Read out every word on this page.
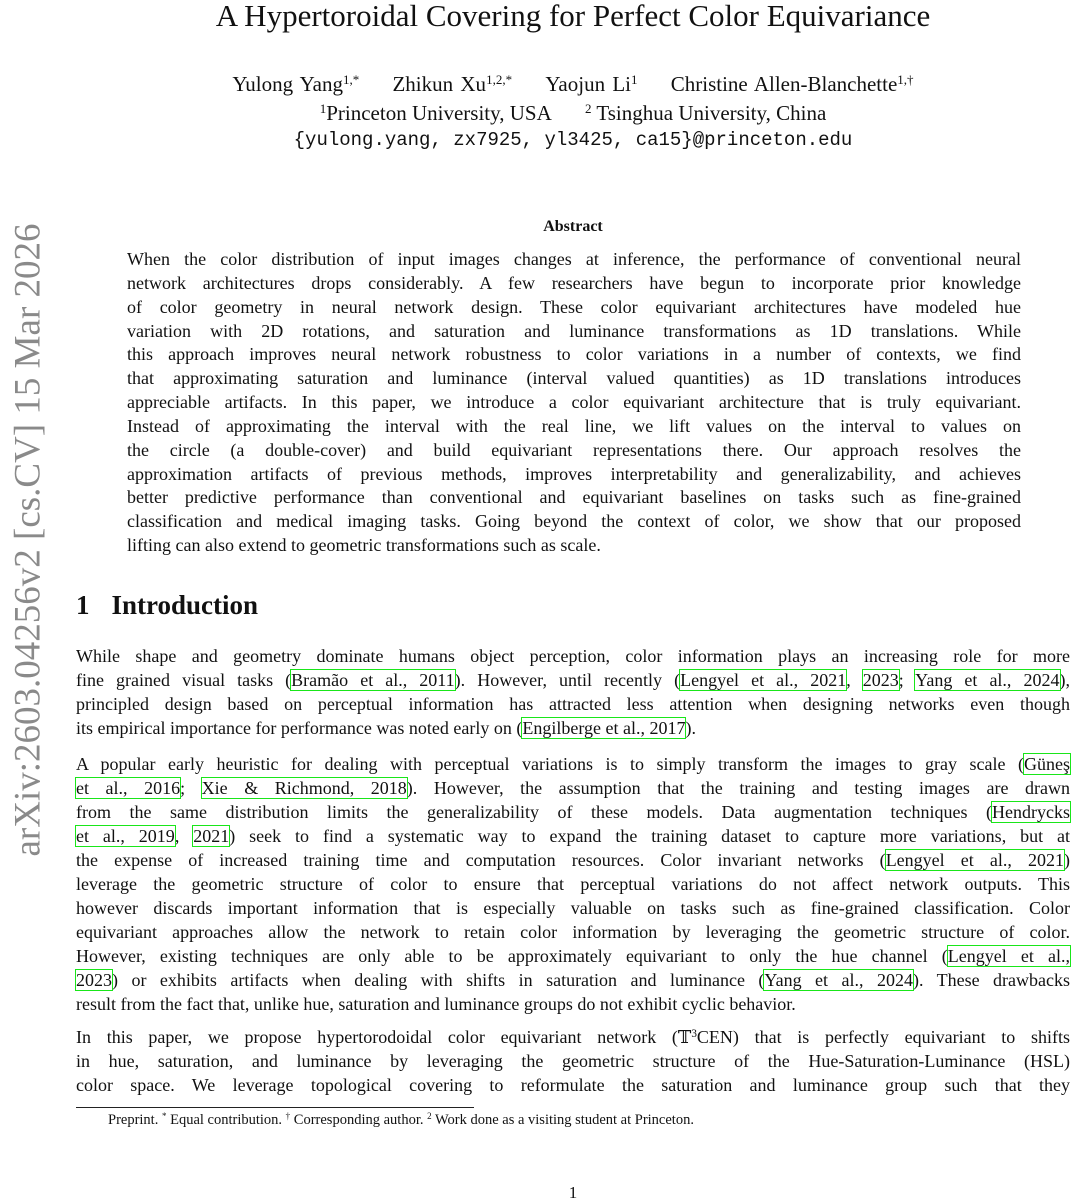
A Hypertoroidal Covering for Perfect Color Equivariance
Yulong Yang$^{1,*}$ Zhikun $Xu^{1,2,*}$ Yaojun Li$^1$ Christine Allen-Blanchette$^{1,\dagger}$
$^1$Princeton University, USA	$^2$ Tsinghua University, China
{yulong.yang, zx7925, yl3425, ca15}@princeton.edu
arXiv:2603.04256v2 [cs.CV] 15 Mar 2026	Abstract
When the color distribution of input images changes at inference, the performance of conventional neural
network architectures drops considerably. A few researchers have begun to incorporate prior knowledge
of color geometry in neural network design. These color equivariant architectures have modeled hue
variation with 2D rotations, and saturation and luminance transformations as 1D translations. While
this approach improves neural network robustness to color variations in a number of contexts, we find
that approximating saturation and luminance (interval valued quantities) as 1D translations introduces
appreciable artifacts. In this paper, we introduce a color equivariant architecture that is truly equivariant.
Instead of approximating the interval with the real line, we lift values on the interval to values on
the circle (a double-cover) and build equivariant representations there. Our approach resolves the
approximation artifacts of previous methods, improves interpretability and generalizability, and achieves
better predictive performance than conventional and equivariant baselines on tasks such as fine-grained
classification and medical imaging tasks. Going beyond the context of color, we show that our proposed
lifting can also extend to geometric transformations such as scale.
1 Introduction
While shape and geometry dominate humans object perception, color information plays an increasing role for more
fine grained visual tasks (Bramão et al., 2011). However, until recently (Lengyel et al., 2021, 2023; Yang et al., 2024),
principled design based on perceptual information has attracted less attention when designing networks even though
its empirical importance for performance was noted early on (Engilberge et al., 2017).
A popular early heuristic for dealing with perceptual variations is to simply transform the images to gray scale (Güneş
et al., 2016; Xie & Richmond, 2018). However, the assumption that the training and testing images are drawn
from the same distribution limits the generalizability of these models. Data augmentation techniques (Hendrycks
et al., 2019, 2021) seek to find a systematic way to expand the training dataset to capture more variations, but at
the expense of increased training time and computation resources. Color invariant networks (Lengyel et al., 2021)
leverage the geometric structure of color to ensure that perceptual variations do not affect network outputs. This
however discards important information that is especially valuable on tasks such as fine-grained classification. Color
equivariant approaches allow the network to retain color information by leveraging the geometric structure of color.
However, existing techniques are only able to be approximately equivariant to only the hue channel (Lengyel et al.,
2023) or exhibits artifacts when dealing with shifts in saturation and luminance (Yang et al., 2024). These drawbacks
result from the fact that, unlike hue, saturation and luminance groups do not exhibit cyclic behavior.
In this paper, we propose hypertorodoidal color equivariant network (𝕋$^3$CEN) that is perfectly equivariant to shifts
in hue, saturation, and luminance by leveraging the geometric structure of the Hue-Saturation-Luminance (HSL)
color space. We leverage topological covering to reformulate the saturation and luminance group such that they
Preprint. * Equal contribution. † Corresponding author. $^2$ Work done as a visiting student at Princeton.
1
